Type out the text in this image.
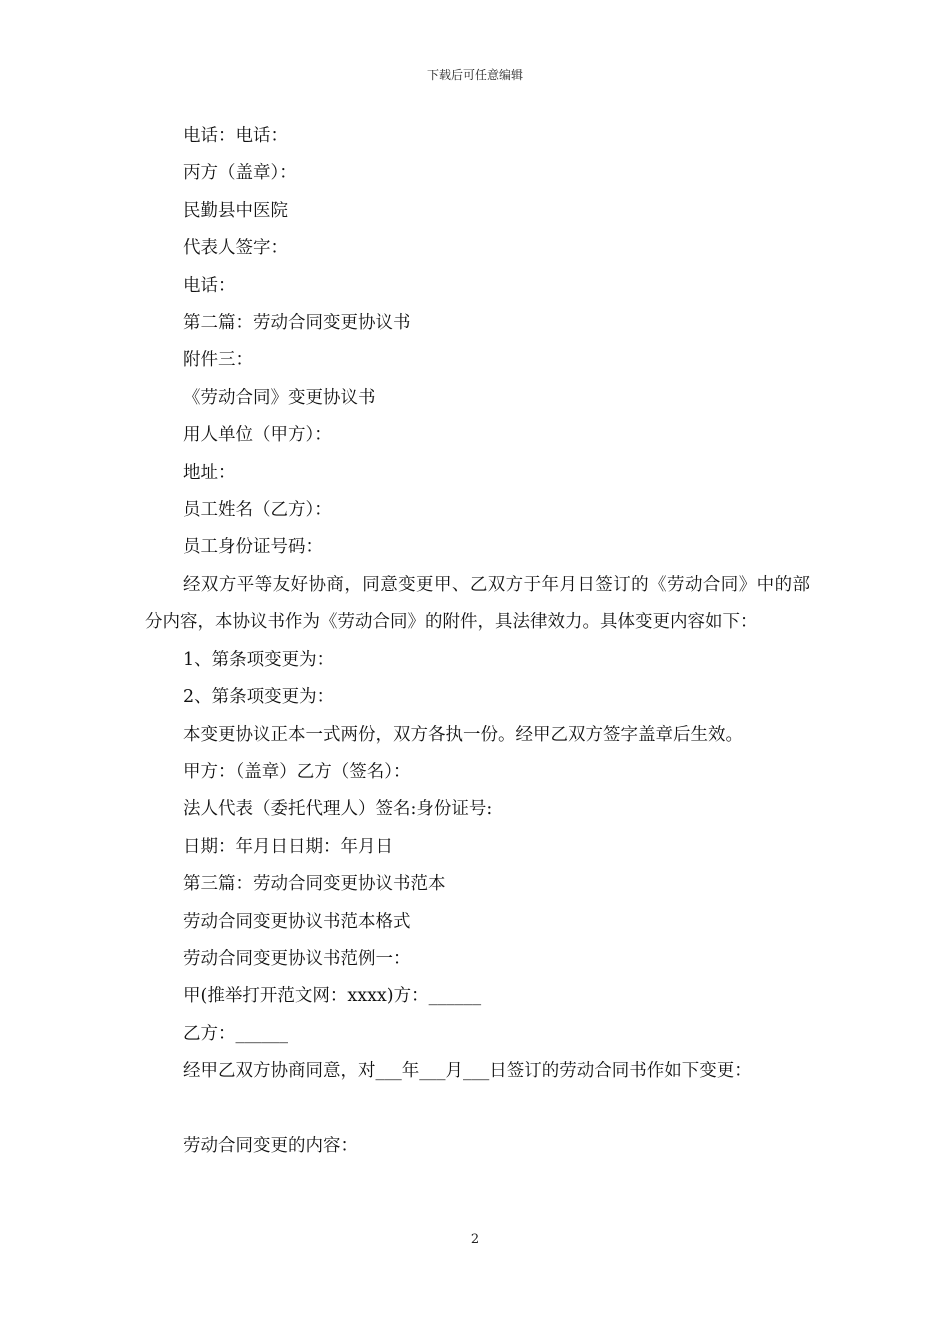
下载后可任意编辑
电话：电话：
丙方（盖章）：
民勤县中医院
代表人签字：
电话：
第二篇：劳动合同变更协议书
附件三：
《劳动合同》变更协议书
用人单位（甲方）：
地址：
员工姓名（乙方）：
员工身份证号码：
经双方平等友好协商，同意变更甲、乙双方于年月日签订的《劳动合同》中的部分内容，本协议书作为《劳动合同》的附件，具法律效力。具体变更内容如下：
1、第条项变更为：
2、第条项变更为：
本变更协议正本一式两份，双方各执一份。经甲乙双方签字盖章后生效。
甲方：（盖章）乙方（签名）：
法人代表（委托代理人）签名:身份证号:
日期：年月日日期：年月日
第三篇：劳动合同变更协议书范本
劳动合同变更协议书范本格式
劳动合同变更协议书范例一：
甲(推举打开范文网：xxxx)方：______
乙方：______
经甲乙双方协商同意，对___年___月___日签订的劳动合同书作如下变更：
劳动合同变更的内容：
2
